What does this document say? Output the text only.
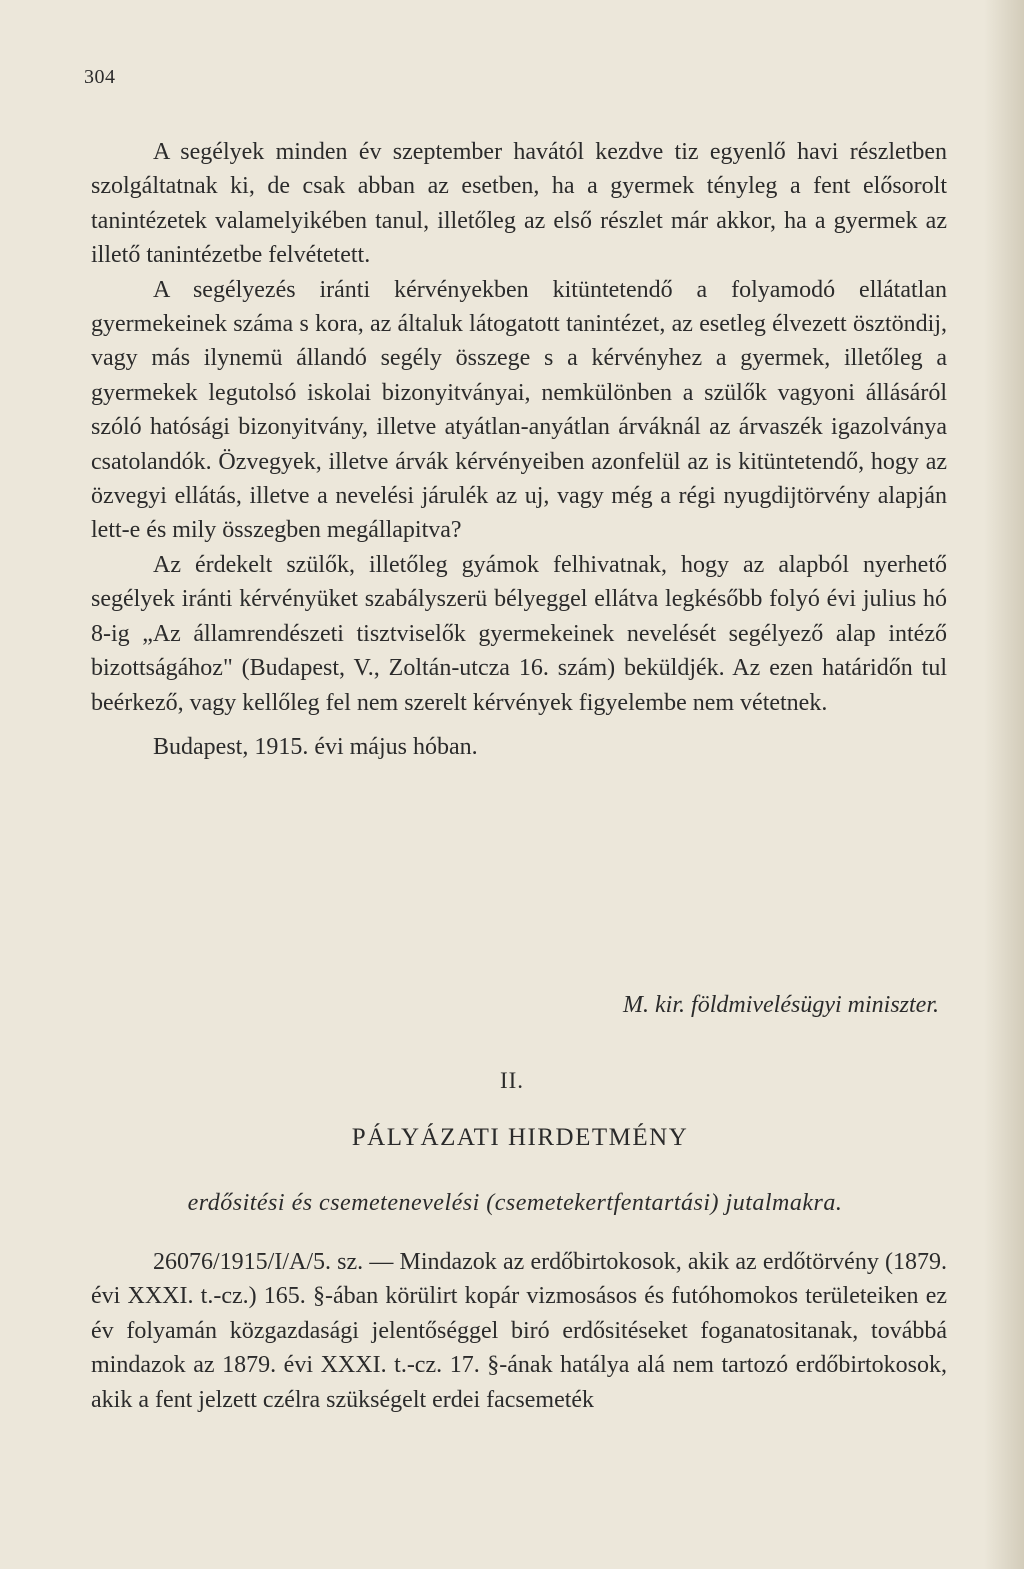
304

A segélyek minden év szeptember havától kezdve tiz egyenlő havi részletben szolgáltatnak ki, de csak abban az esetben, ha a gyermek tényleg a fent elősorolt tanintézetek valamelyikében tanul, illetőleg az első részlet már akkor, ha a gyermek az illető tanintézetbe felvétetett.

A segélyezés iránti kérvényekben kitüntetendő a folyamodó ellátatlan gyermekeinek száma s kora, az általuk látogatott tanintézet, az esetleg élvezett ösztöndij, vagy más ilynemü állandó segély összege s a kérvényhez a gyermek, illetőleg a gyermekek legutolsó iskolai bizonyitványai, nemkülönben a szülők vagyoni állásáról szóló hatósági bizonyitvány, illetve atyátlan-anyátlan árváknál az árvaszék igazolványa csatolandók. Özvegyek, illetve árvák kérvényeiben azonfelül az is kitüntetendő, hogy az özvegyi ellátás, illetve a nevelési járulék az uj, vagy még a régi nyugdijtörvény alapján lett-e és mily összegben megállapitva?

Az érdekelt szülők, illetőleg gyámok felhivatnak, hogy az alapból nyerhető segélyek iránti kérvényüket szabályszerü bélyeggel ellátva legkésőbb folyó évi julius hó 8-ig „Az államrendészeti tisztviselők gyermekeinek nevelését segélyező alap intéző bizottságához" (Budapest, V., Zoltán-utcza 16. szám) beküldjék. Az ezen határidőn tul beérkező, vagy kellőleg fel nem szerelt kérvények figyelembe nem vétetnek.

Budapest, 1915. évi május hóban.

M. kir. földmivelésügyi miniszter.
II.
PÁLYÁZATI HIRDETMÉNY
erdősitési és csemetenevelési (csemetekertfentartási) jutalmakra.

26076/1915/I/A/5. sz. — Mindazok az erdőbirtokosok, akik az erdőtörvény (1879. évi XXXI. t.-cz.) 165. §-ában körülirt kopár vizmosásos és futóhomokos területeiken ez év folyamán közgazdasági jelentőséggel biró erdősitéseket foganatositanak, továbbá mindazok az 1879. évi XXXI. t.-cz. 17. §-ának hatálya alá nem tartozó erdőbirtokosok, akik a fent jelzett czélra szükségelt erdei facsemeték
